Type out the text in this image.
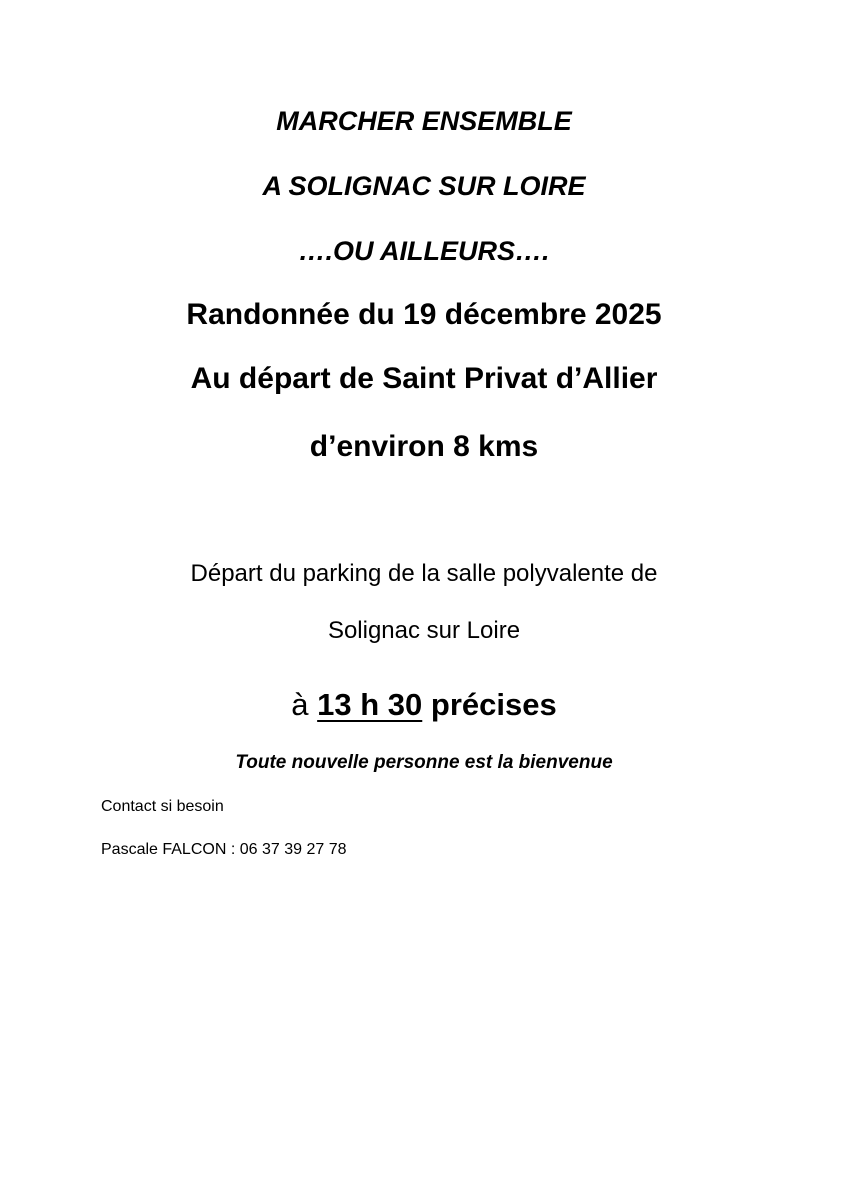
MARCHER ENSEMBLE
A SOLIGNAC SUR LOIRE
….OU AILLEURS….
Randonnée du 19 décembre 2025
Au départ de Saint Privat d’Allier
d’environ 8 kms
Départ du parking de la salle polyvalente de
Solignac sur Loire
à 13 h 30 précises
Toute nouvelle personne est la bienvenue
Contact si besoin
Pascale FALCON : 06 37 39 27 78
